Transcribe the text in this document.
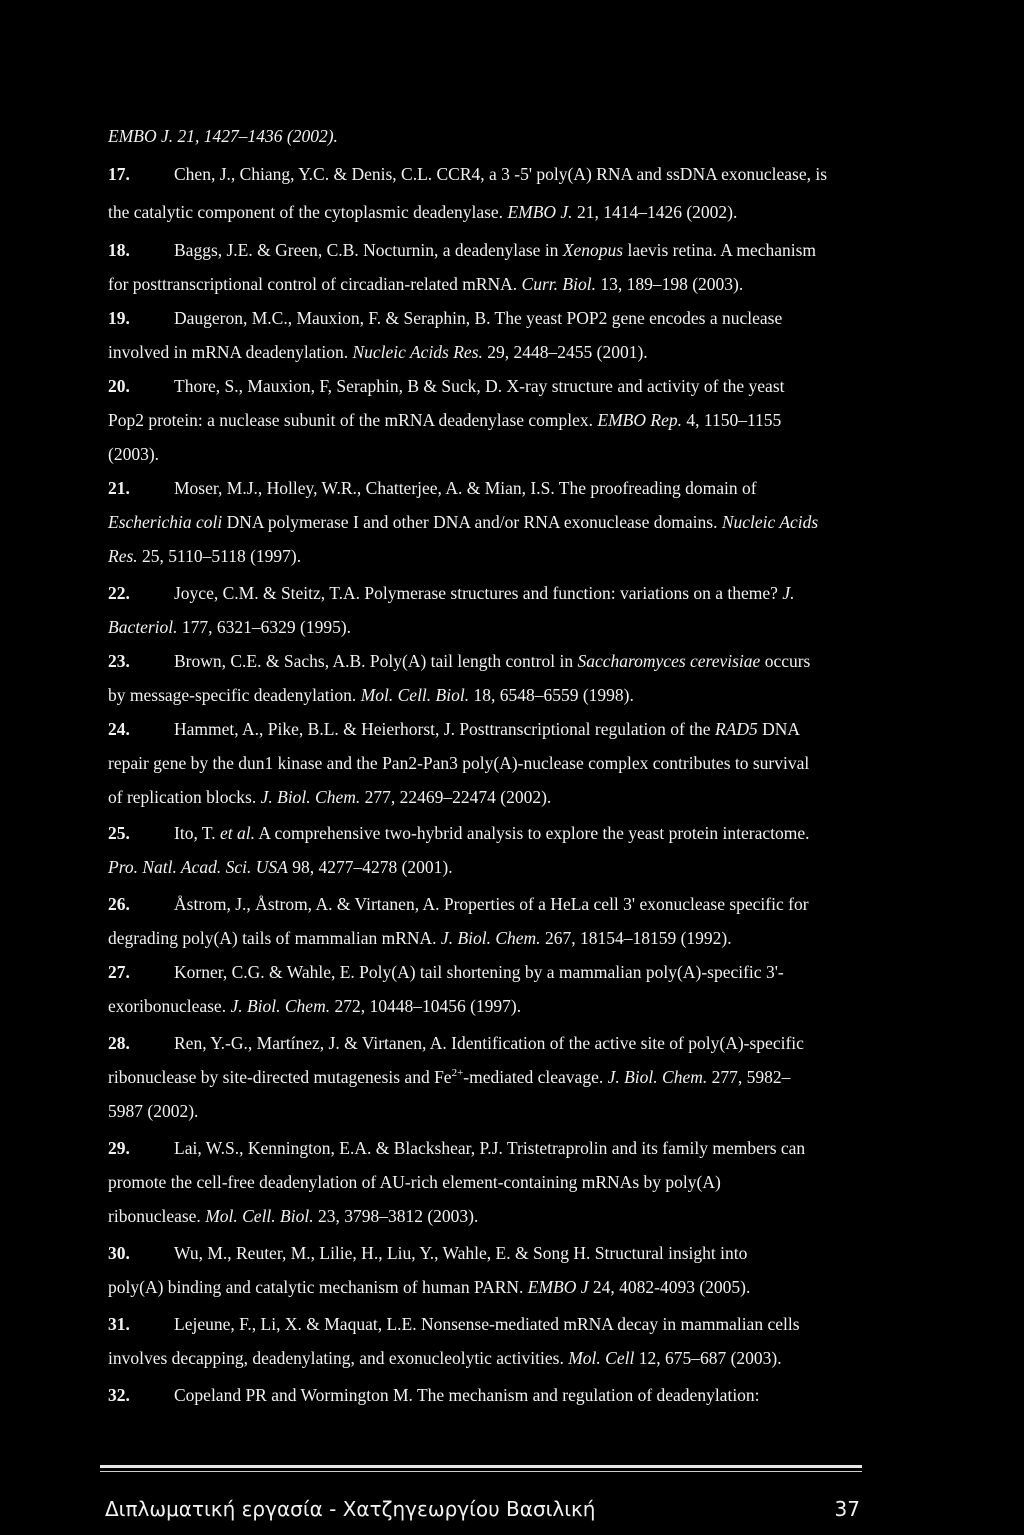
EMBO J. 21, 1427–1436 (2002).
17.	Chen, J., Chiang, Y.C. & Denis, C.L. CCR4, a 3 -5' poly(A) RNA and ssDNA exonuclease, is
the catalytic component of the cytoplasmic deadenylase. EMBO J. 21, 1414–1426 (2002).
18.	Baggs, J.E. & Green, C.B. Nocturnin, a deadenylase in Xenopus laevis retina. A mechanism
for posttranscriptional control of circadian-related mRNA. Curr. Biol. 13, 189–198 (2003).
19.	Daugeron, M.C., Mauxion, F. & Seraphin, B. The yeast POP2 gene encodes a nuclease
involved in mRNA deadenylation. Nucleic Acids Res. 29, 2448–2455 (2001).
20.	Thore, S., Mauxion, F, Seraphin, B & Suck, D. X-ray structure and activity of the yeast
Pop2 protein: a nuclease subunit of the mRNA deadenylase complex. EMBO Rep. 4, 1150–1155
(2003).
21.	Moser, M.J., Holley, W.R., Chatterjee, A. & Mian, I.S. The proofreading domain of
Escherichia coli DNA polymerase I and other DNA and/or RNA exonuclease domains. Nucleic Acids
Res. 25, 5110–5118 (1997).
22.	Joyce, C.M. & Steitz, T.A. Polymerase structures and function: variations on a theme? J.
Bacteriol. 177, 6321–6329 (1995).
23.	Brown, C.E. & Sachs, A.B. Poly(A) tail length control in Saccharomyces cerevisiae occurs
by message-specific deadenylation. Mol. Cell. Biol. 18, 6548–6559 (1998).
24.	Hammet, A., Pike, B.L. & Heierhorst, J. Posttranscriptional regulation of the RAD5 DNA
repair gene by the dun1 kinase and the Pan2-Pan3 poly(A)-nuclease complex contributes to survival
of replication blocks. J. Biol. Chem. 277, 22469–22474 (2002).
25.	Ito, T. et al. A comprehensive two-hybrid analysis to explore the yeast protein interactome.
Pro. Natl. Acad. Sci. USA 98, 4277–4278 (2001).
26.	Åstrom, J., Åstrom, A. & Virtanen, A. Properties of a HeLa cell 3' exonuclease specific for
degrading poly(A) tails of mammalian mRNA. J. Biol. Chem. 267, 18154–18159 (1992).
27.	Korner, C.G. & Wahle, E. Poly(A) tail shortening by a mammalian poly(A)-specific 3'-
exoribonuclease. J. Biol. Chem. 272, 10448–10456 (1997).
28.	Ren, Y.-G., Martínez, J. & Virtanen, A. Identification of the active site of poly(A)-specific
ribonuclease by site-directed mutagenesis and $Fe^{2+}$-mediated cleavage. J. Biol. Chem. 277, 5982–
5987 (2002).
29.	Lai, W.S., Kennington, E.A. & Blackshear, P.J. Tristetraprolin and its family members can
promote the cell-free deadenylation of AU-rich element-containing mRNAs by poly(A)
ribonuclease. Mol. Cell. Biol. 23, 3798–3812 (2003).
30.	Wu, M., Reuter, M., Lilie, H., Liu, Y., Wahle, E. & Song H. Structural insight into
poly(A) binding and catalytic mechanism of human PARN. EMBO J 24, 4082-4093 (2005).
31.	Lejeune, F., Li, X. & Maquat, L.E. Nonsense-mediated mRNA decay in mammalian cells
involves decapping, deadenylating, and exonucleolytic activities. Mol. Cell 12, 675–687 (2003).
32.	Copeland PR and Wormington M. The mechanism and regulation of deadenylation:
Διπλωματική εργασία - Χατζηγεωργίου Βασιλική	37
